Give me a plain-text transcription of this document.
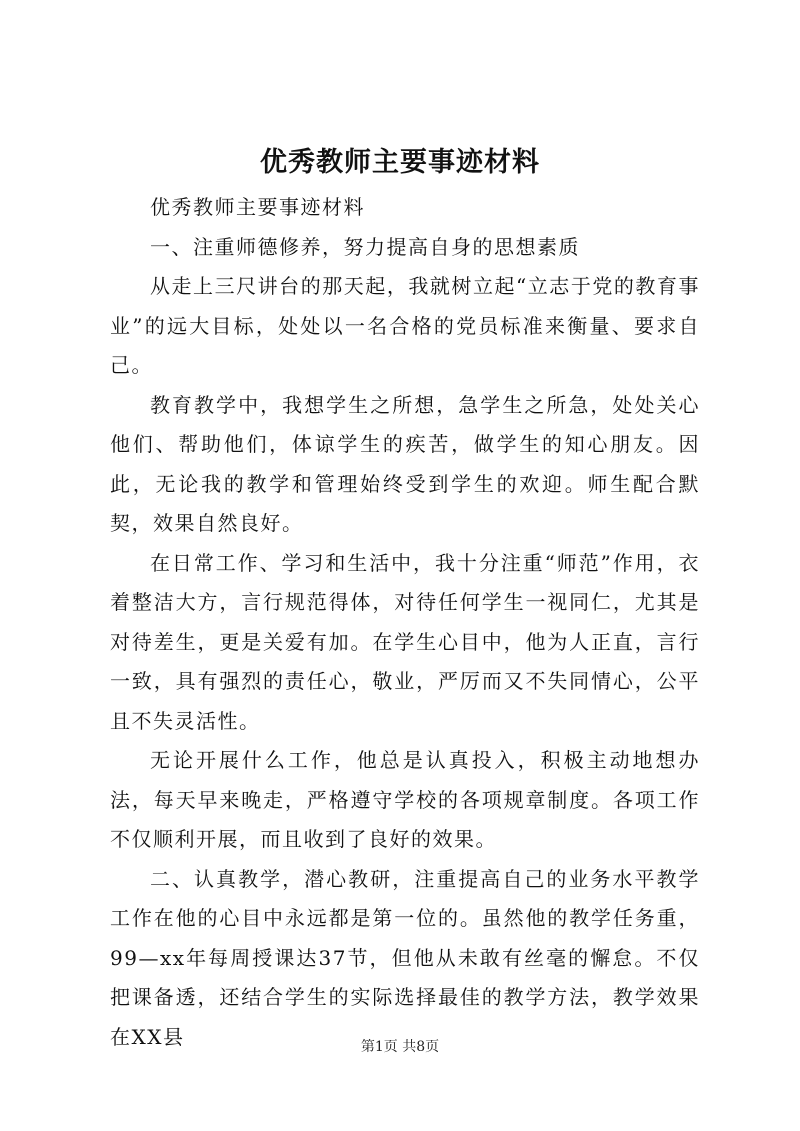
优秀教师主要事迹材料

优秀教师主要事迹材料

一、注重师德修养，努力提高自身的思想素质

从走上三尺讲台的那天起，我就树立起“立志于党的教育事业”的远大目标，处处以一名合格的党员标准来衡量、要求自己。

教育教学中，我想学生之所想，急学生之所急，处处关心他们、帮助他们，体谅学生的疾苦，做学生的知心朋友。因此，无论我的教学和管理始终受到学生的欢迎。师生配合默契，效果自然良好。

在日常工作、学习和生活中，我十分注重“师范”作用，衣着整洁大方，言行规范得体，对待任何学生一视同仁，尤其是对待差生，更是关爱有加。在学生心目中，他为人正直，言行一致，具有强烈的责任心，敬业，严厉而又不失同情心，公平且不失灵活性。

无论开展什么工作，他总是认真投入，积极主动地想办法，每天早来晚走，严格遵守学校的各项规章制度。各项工作不仅顺利开展，而且收到了良好的效果。

二、认真教学，潜心教研，注重提高自己的业务水平教学工作在他的心目中永远都是第一位的。虽然他的教学任务重，99—xx年每周授课达37节，但他从未敢有丝毫的懈怠。不仅把课备透，还结合学生的实际选择最佳的教学方法，教学效果在XX县	第1页 共8页
